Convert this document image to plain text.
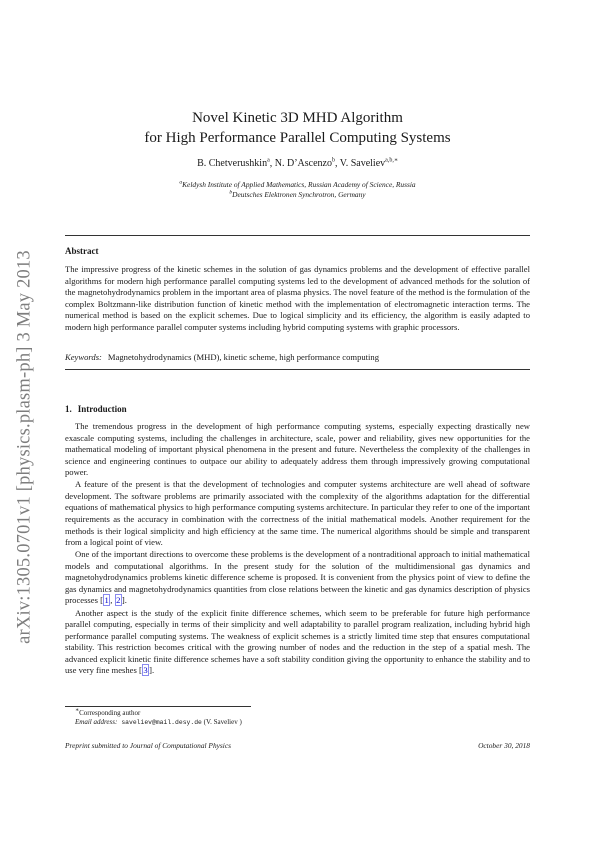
arXiv:1305.0701v1 [physics.plasm-ph] 3 May 2013
Novel Kinetic 3D MHD Algorithm
for High Performance Parallel Computing Systems
B. Chetverushkin$^a$, N. D’Ascenzo$^b$, V. Saveliev$^{a,b,∗}$
$^a$Keldysh Institute of Applied Mathematics, Russian Academy of Science, Russia
$^b$Deutsches Elektronen Synchrotron, Germany
Abstract
The impressive progress of the kinetic schemes in the solution of gas dynamics problems and the development of effective parallel algorithms for modern high performance parallel computing systems led to the development of advanced methods for the solution of the magnetohydrodynamics problem in the important area of plasma physics. The novel feature of the method is the formulation of the complex Boltzmann-like distribution function of kinetic method with the implementation of electromagnetic interaction terms. The numerical method is based on the explicit schemes. Due to logical simplicity and its efficiency, the algorithm is easily adapted to modern high performance parallel computer systems including hybrid computing systems with graphic processors.
Keywords: Magnetohydrodynamics (MHD), kinetic scheme, high performance computing
1. Introduction

The tremendous progress in the development of high performance computing systems, especially expecting drastically new exascale computing systems, including the challenges in architecture, scale, power and reliability, gives new opportunities for the mathematical modeling of important physical phenomena in the present and future. Nevertheless the complexity of the challenges in science and engineering continues to outpace our ability to adequately address them through impressively growing computational power.

A feature of the present is that the development of technologies and computer systems architecture are well ahead of software development. The software problems are primarily associated with the complexity of the algorithms adaptation for the differential equations of mathematical physics to high performance computing systems architecture. In particular they refer to one of the important requirements as the accuracy in combination with the correctness of the initial mathematical models. Another requirement for the methods is their logical simplicity and high efficiency at the same time. The numerical algorithms should be simple and transparent from a logical point of view.

One of the important directions to overcome these problems is the development of a nontraditional approach to initial mathematical models and computational algorithms. In the present study for the solution of the multidimensional gas dynamics and magnetohydrodynamics problems kinetic difference scheme is proposed. It is convenient from the physics point of view to define the gas dynamics and magnetohydrodynamics quantities from close relations between the kinetic and gas dynamics description of physics processes [ 1 , 2 ].

Another aspect is the study of the explicit finite difference schemes, which seem to be preferable for future high performance parallel computing, especially in terms of their simplicity and well adaptability to parallel program realization, including hybrid high performance parallel computing systems. The weakness of explicit schemes is a strictly limited time step that ensures computational stability. This restriction becomes critical with the growing number of nodes and the reduction in the step of a spatial mesh. The advanced explicit kinetic finite difference schemes have a soft stability condition giving the opportunity to enhance the stability and to use very fine meshes [ 3 ].

∗Corresponding author
Email address: saveliev@mail.desy.de (V. Saveliev )
Preprint submitted to Journal of Computational Physics	October 30, 2018
